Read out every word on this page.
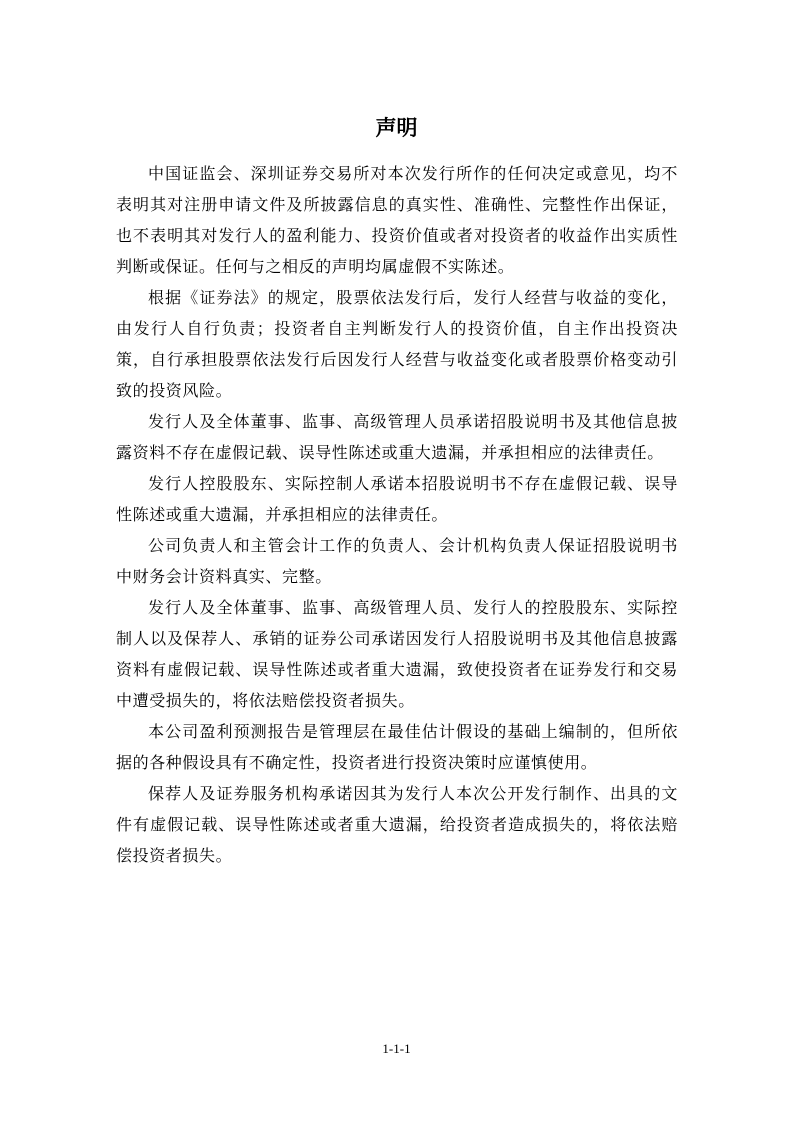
声明

中国证监会、深圳证券交易所对本次发行所作的任何决定或意见，均不表明其对注册申请文件及所披露信息的真实性、准确性、完整性作出保证，也不表明其对发行人的盈利能力、投资价值或者对投资者的收益作出实质性判断或保证。任何与之相反的声明均属虚假不实陈述。

根据《证券法》的规定，股票依法发行后，发行人经营与收益的变化，由发行人自行负责；投资者自主判断发行人的投资价值，自主作出投资决策，自行承担股票依法发行后因发行人经营与收益变化或者股票价格变动引致的投资风险。

发行人及全体董事、监事、高级管理人员承诺招股说明书及其他信息披露资料不存在虚假记载、误导性陈述或重大遗漏，并承担相应的法律责任。

发行人控股股东、实际控制人承诺本招股说明书不存在虚假记载、误导性陈述或重大遗漏，并承担相应的法律责任。

公司负责人和主管会计工作的负责人、会计机构负责人保证招股说明书中财务会计资料真实、完整。

发行人及全体董事、监事、高级管理人员、发行人的控股股东、实际控制人以及保荐人、承销的证券公司承诺因发行人招股说明书及其他信息披露资料有虚假记载、误导性陈述或者重大遗漏，致使投资者在证券发行和交易中遭受损失的，将依法赔偿投资者损失。

本公司盈利预测报告是管理层在最佳估计假设的基础上编制的，但所依据的各种假设具有不确定性，投资者进行投资决策时应谨慎使用。

保荐人及证券服务机构承诺因其为发行人本次公开发行制作、出具的文件有虚假记载、误导性陈述或者重大遗漏，给投资者造成损失的，将依法赔偿投资者损失。

1-1-1
